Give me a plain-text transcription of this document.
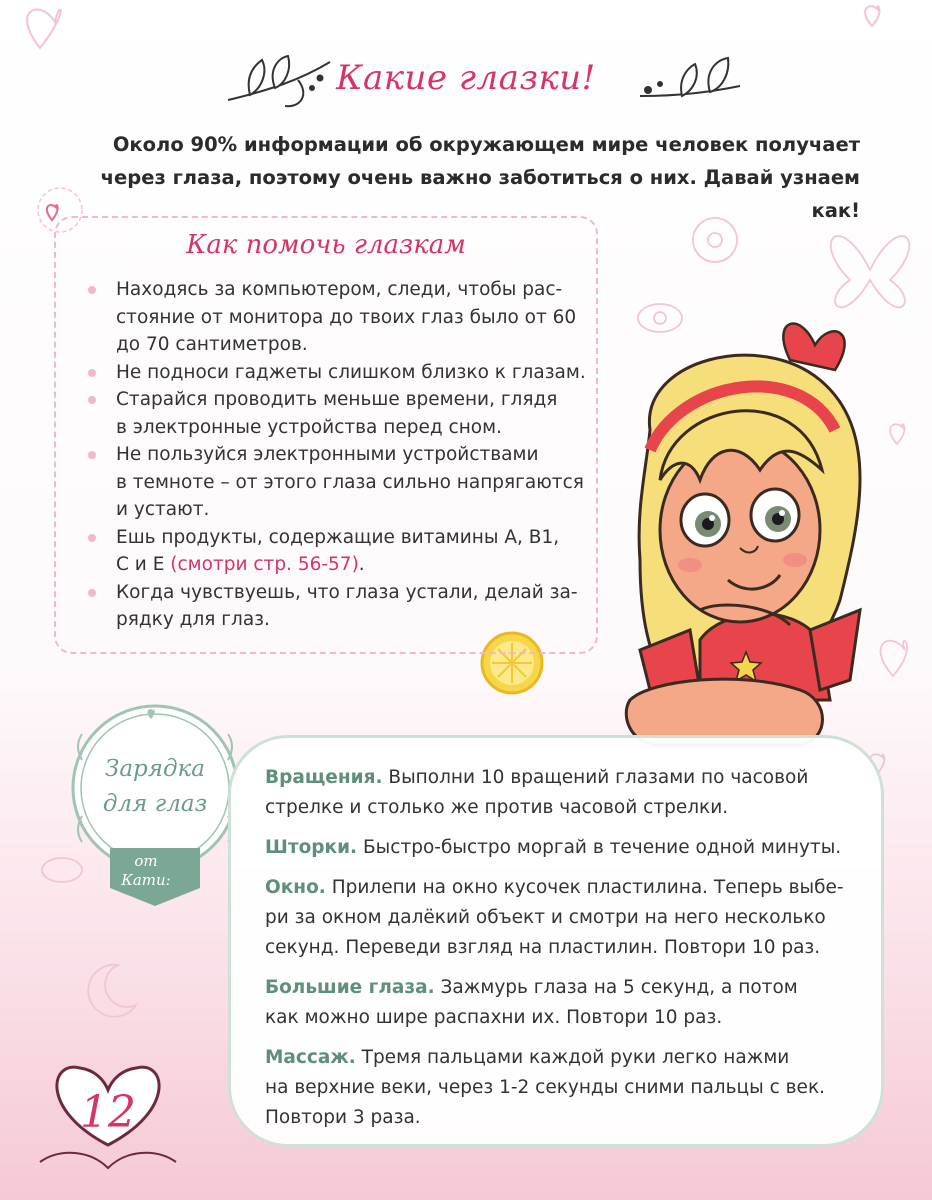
Какие глазки!
Около 90% информации об окружающем мире человек получает
через глаза, поэтому очень важно заботиться о них. Давай узнаем как!
Как помочь глазкам
Находясь за компьютером, следи, чтобы рас-
стояние от монитора до твоих глаз было от 60
до 70 сантиметров.
Не подноси гаджеты слишком близко к глазам.
Старайся проводить меньше времени, глядя
в электронные устройства перед сном.
Не пользуйся электронными устройствами
в темноте – от этого глаза сильно напрягаются
и устают.
Ешь продукты, содержащие витамины А, В1,
С и Е (смотри стр. 56-57).
Когда чувствуешь, что глаза устали, делай за-
рядку для глаз.
Зарядка
для глаз
от
Кати:
Вращения. Выполни 10 вращений глазами по часовой
стрелке и столько же против часовой стрелки.
Шторки. Быстро-быстро моргай в течение одной минуты.
Окно. Прилепи на окно кусочек пластилина. Теперь выбе-
ри за окном далёкий объект и смотри на него несколько
секунд. Переведи взгляд на пластилин. Повтори 10 раз.
Большие глаза. Зажмурь глаза на 5 секунд, а потом
как можно шире распахни их. Повтори 10 раз.
Массаж. Тремя пальцами каждой руки легко нажми
на верхние веки, через 1-2 секунды сними пальцы с век.
Повтори 3 раза.
12
